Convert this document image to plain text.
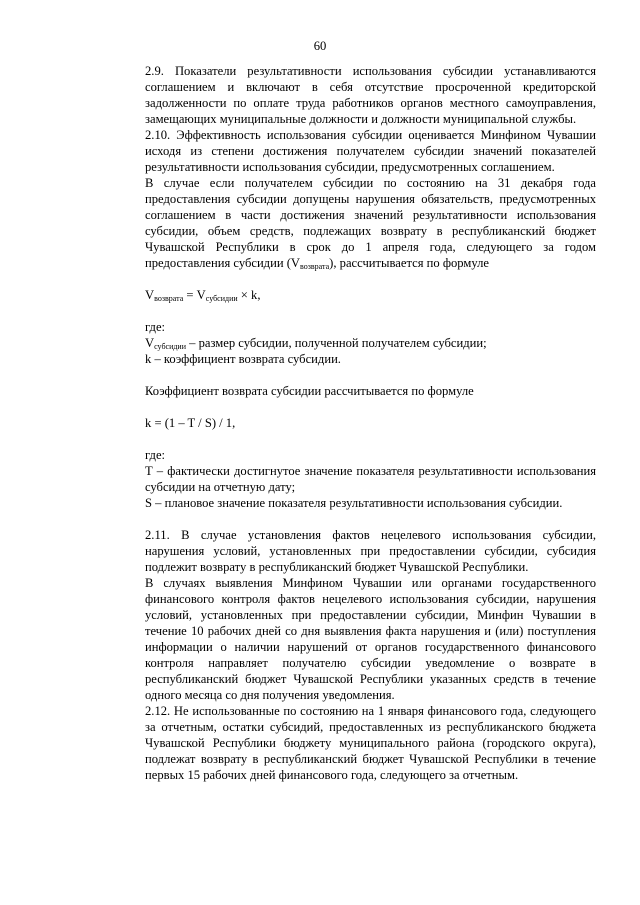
60

2.9. Показатели результативности использования субсидии устанавливаются соглашением и включают в себя отсутствие просроченной кредиторской задолженности по оплате труда работников органов местного самоуправления, замещающих муниципальные должности и должности муниципальной службы.

2.10. Эффективность использования субсидии оценивается Минфином Чувашии исходя из степени достижения получателем субсидии значений показателей результативности использования субсидии, предусмотренных соглашением.

В случае если получателем субсидии по состоянию на 31 декабря года предоставления субсидии допущены нарушения обязательств, предусмотренных соглашением в части достижения значений результативности использования субсидии, объем средств, подлежащих возврату в республиканский бюджет Чувашской Республики в срок до 1 апреля года, следующего за годом предоставления субсидии $(V_{возврата})$, рассчитывается по формуле

$V_{возврата} = V_{субсидии} \times k$,

где:

$V_{субсидии}$ – размер субсидии, полученной получателем субсидии;

k – коэффициент возврата субсидии.

Коэффициент возврата субсидии рассчитывается по формуле

k = (1 – T / S) / 1,

где:

Т – фактически достигнутое значение показателя результативности использования субсидии на отчетную дату;

S – плановое значение показателя результативности использования субсидии.

2.11. В случае установления фактов нецелевого использования субсидии, нарушения условий, установленных при предоставлении субсидии, субсидия подлежит возврату в республиканский бюджет Чувашской Республики.

В случаях выявления Минфином Чувашии или органами государственного финансового контроля фактов нецелевого использования субсидии, нарушения условий, установленных при предоставлении субсидии, Минфин Чувашии в течение 10 рабочих дней со дня выявления факта нарушения и (или) поступления информации о наличии нарушений от органов государственного финансового контроля направляет получателю субсидии уведомление о возврате в республиканский бюджет Чувашской Республики указанных средств в течение одного месяца со дня получения уведомления.

2.12. Не использованные по состоянию на 1 января финансового года, следующего за отчетным, остатки субсидий, предоставленных из республиканского бюджета Чувашской Республики бюджету муниципального района (городского округа), подлежат возврату в республиканский бюджет Чувашской Республики в течение первых 15 рабочих дней финансового года, следующего за отчетным.
